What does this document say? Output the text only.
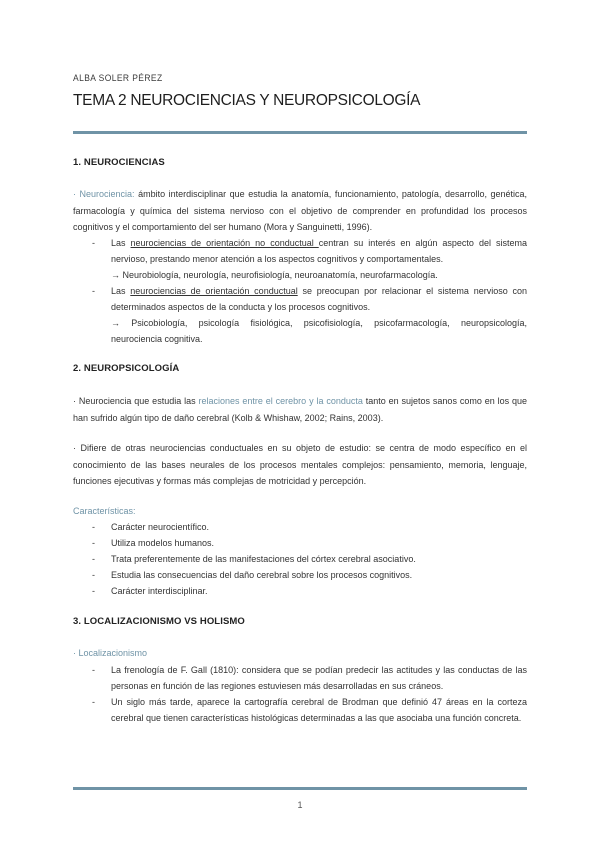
ALBA SOLER PÉREZ
TEMA 2 NEUROCIENCIAS Y NEUROPSICOLOGÍA
1. NEUROCIENCIAS
· Neurociencia: ámbito interdisciplinar que estudia la anatomía, funcionamiento, patología, desarrollo, genética, farmacología y química del sistema nervioso con el objetivo de comprender en profundidad los procesos cognitivos y el comportamiento del ser humano (Mora y Sanguinetti, 1996).
- Las neurociencias de orientación no conductual centran su interés en algún aspecto del sistema nervioso, prestando menor atención a los aspectos cognitivos y comportamentales.
→ Neurobiología, neurología, neurofisiología, neuroanatomía, neurofarmacología.
- Las neurociencias de orientación conductual se preocupan por relacionar el sistema nervioso con determinados aspectos de la conducta y los procesos cognitivos.
→ Psicobiología, psicología fisiológica, psicofisiología, psicofarmacología, neuropsicología, neurociencia cognitiva.
2. NEUROPSICOLOGÍA
· Neurociencia que estudia las relaciones entre el cerebro y la conducta tanto en sujetos sanos como en los que han sufrido algún tipo de daño cerebral (Kolb & Whishaw, 2002; Rains, 2003).
· Difiere de otras neurociencias conductuales en su objeto de estudio: se centra de modo específico en el conocimiento de las bases neurales de los procesos mentales complejos: pensamiento, memoria, lenguaje, funciones ejecutivas y formas más complejas de motricidad y percepción.
Características:
- Carácter neurocientífico.
- Utiliza modelos humanos.
- Trata preferentemente de las manifestaciones del córtex cerebral asociativo.
- Estudia las consecuencias del daño cerebral sobre los procesos cognitivos.
- Carácter interdisciplinar.
3. LOCALIZACIONISMO VS HOLISMO
· Localizacionismo
- La frenología de F. Gall (1810): considera que se podían predecir las actitudes y las conductas de las personas en función de las regiones estuviesen más desarrolladas en sus cráneos.
- Un siglo más tarde, aparece la cartografía cerebral de Brodman que definió 47 áreas en la corteza cerebral que tienen características histológicas determinadas a las que asociaba una función concreta.
1
